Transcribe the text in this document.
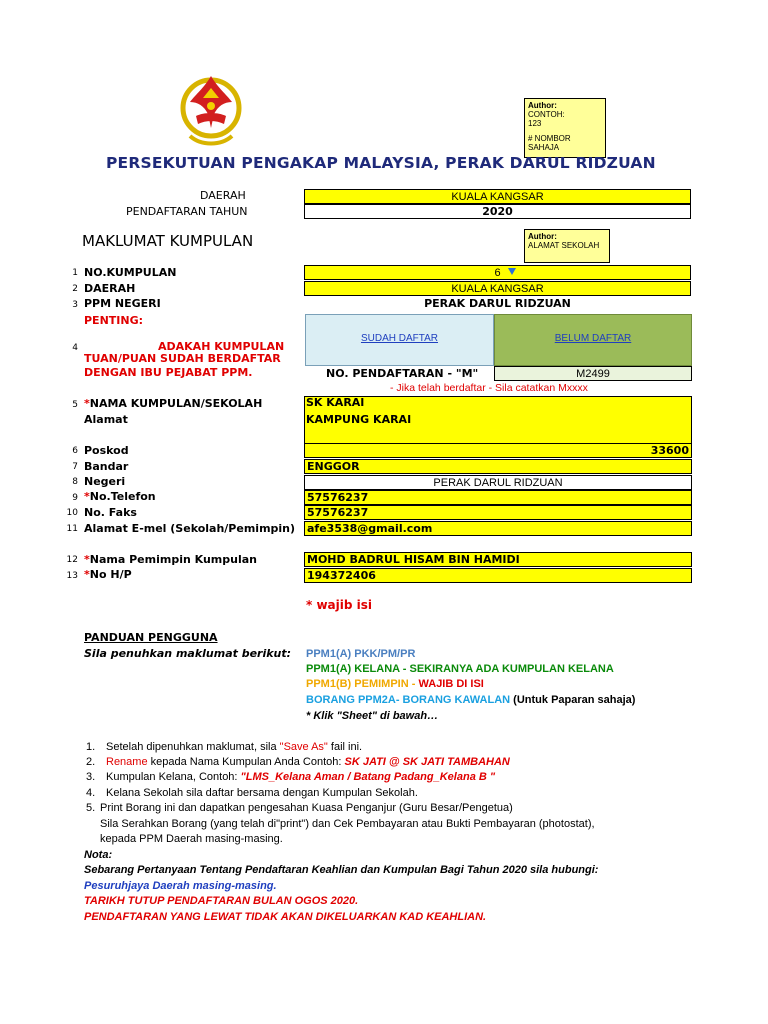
Author:
CONTOH:
123
# NOMBOR
SAHAJA
PERSEKUTUAN PENGAKAP MALAYSIA, PERAK DARUL RIDZUAN
DAERAH	KUALA KANGSAR
PENDAFTARAN TAHUN	2020
MAKLUMAT KUMPULAN	Author:
ALAMAT SEKOLAH
1 NO.KUMPULAN	6
2 DAERAH	KUALA KANGSAR
3 PPM NEGERI	PERAK DARUL RIDZUAN
PENTING:
4	ADAKAH KUMPULAN
TUAN/PUAN SUDAH BERDAFTAR
DENGAN IBU PEJABAT PPM.
SUDAH DAFTAR	BELUM DAFTAR
NO. PENDAFTARAN - "M"	M2499
- Jika telah berdaftar - Sila catatkan Mxxxx
5 *NAMA KUMPULAN/SEKOLAH	SK KARAI
Alamat	KAMPUNG KARAI
6 Poskod	33600
7 Bandar	ENGGOR
8 Negeri	PERAK DARUL RIDZUAN
9 *No.Telefon	57576237
10 No. Faks	57576237
11 Alamat E-mel (Sekolah/Pemimpin) afe3538@gmail.com
12 *Nama Pemimpin Kumpulan	MOHD BADRUL HISAM BIN HAMIDI
13 *No H/P	194372406
* wajib isi
PANDUAN PENGGUNA
Sila penuhkan maklumat berikut: PPM1(A) PKK/PM/PR
PPM1(A) KELANA - SEKIRANYA ADA KUMPULAN KELANA
PPM1(B) PEMIMPIN - WAJIB DI ISI
BORANG PPM2A- BORANG KAWALAN (Untuk Paparan sahaja)
* Klik "Sheet" di bawah…
1. Setelah dipenuhkan maklumat, sila "Save As" fail ini.
2. Rename kepada Nama Kumpulan Anda Contoh: SK JATI @ SK JATI TAMBAHAN
3. Kumpulan Kelana, Contoh: "LMS_Kelana Aman / Batang Padang_Kelana B "
4. Kelana Sekolah sila daftar bersama dengan Kumpulan Sekolah.
5. Print Borang ini dan dapatkan pengesahan Kuasa Penganjur (Guru Besar/Pengetua)
Sila Serahkan Borang (yang telah di"print") dan Cek Pembayaran atau Bukti Pembayaran (photostat),
kepada PPM Daerah masing-masing.
Nota:
Sebarang Pertanyaan Tentang Pendaftaran Keahlian dan Kumpulan Bagi Tahun 2020 sila hubungi:
Pesuruhjaya Daerah masing-masing.
TARIKH TUTUP PENDAFTARAN BULAN OGOS 2020.
PENDAFTARAN YANG LEWAT TIDAK AKAN DIKELUARKAN KAD KEAHLIAN.
